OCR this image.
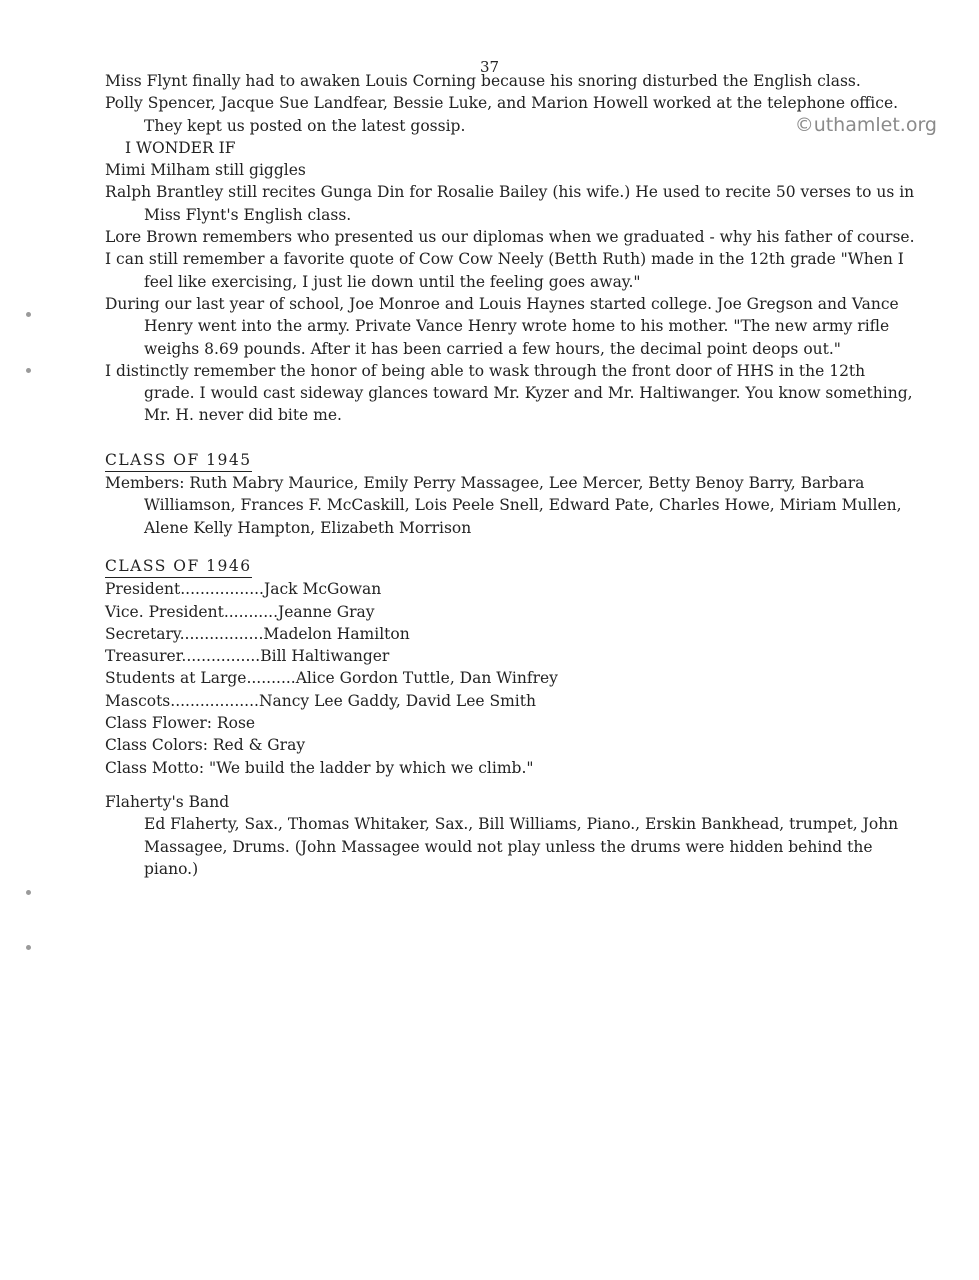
37
©uthamlet.org

Miss Flynt finally had to awaken Louis Corning because his snoring disturbed the English class.

Polly Spencer, Jacque Sue Landfear, Bessie Luke, and Marion Howell worked at the telephone office. They kept us posted on the latest gossip.

I WONDER IF

Mimi Milham still giggles

Ralph Brantley still recites Gunga Din for Rosalie Bailey (his wife.) He used to recite 50 verses to us in Miss Flynt's English class.

Lore Brown remembers who presented us our diplomas when we graduated - why his father of course.

I can still remember a favorite quote of Cow Cow Neely (Betth Ruth) made in the 12th grade "When I feel like exercising, I just lie down until the feeling goes away."

During our last year of school, Joe Monroe and Louis Haynes started college. Joe Gregson and Vance Henry went into the army. Private Vance Henry wrote home to his mother. "The new army rifle weighs 8.69 pounds. After it has been carried a few hours, the decimal point deops out."

I distinctly remember the honor of being able to wask through the front door of HHS in the 12th grade. I would cast sideway glances toward Mr. Kyzer and Mr. Haltiwanger. You know something, Mr. H. never did bite me.

CLASS OF 1945

Members: Ruth Mabry Maurice, Emily Perry Massagee, Lee Mercer, Betty Benoy Barry, Barbara Williamson, Frances F. McCaskill, Lois Peele Snell, Edward Pate, Charles Howe, Miriam Mullen, Alene Kelly Hampton, Elizabeth Morrison

CLASS OF 1946
President................. Jack McGowan
Vice. President........... Jeanne Gray
Secretary................. Madelon Hamilton
Treasurer................ Bill Haltiwanger
Students at Large.......... Alice Gordon Tuttle, Dan Winfrey
Mascots.................. Nancy Lee Gaddy, David Lee Smith
Class Flower: Rose
Class Colors: Red & Gray
Class Motto: "We build the ladder by which we climb."
Flaherty's Band
Ed Flaherty, Sax., Thomas Whitaker, Sax., Bill Williams, Piano., Erskin Bankhead, trumpet, John Massagee, Drums. (John Massagee would not play unless the drums were hidden behind the piano.)
